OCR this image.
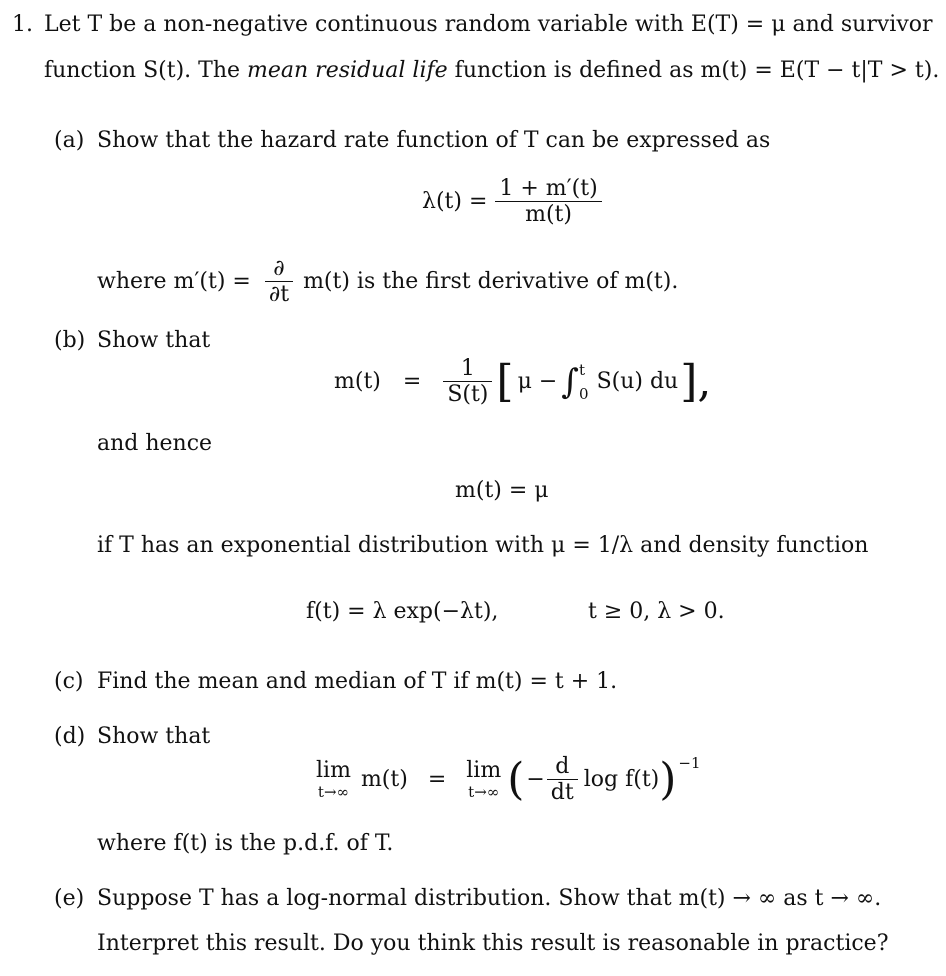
1. Let T be a non-negative continuous random variable with E(T) = μ and survivor
function S(t). The mean residual life function is defined as m(t) = E(T − t|T > t).
(a) Show that the hazard rate function of T can be expressed as
$\lambda(t) = \frac{1 + m'(t)}{m(t)}$
where $m'(t) = \frac{\partial}{\partial t} m(t)$ is the first derivative of m(t).
(b) Show that
$m(t) = \frac{1}{S(t)}$ [ μ − ∫ t
0 S(u) du ],
and hence
m(t) = μ
if T has an exponential distribution with μ = 1/λ and density function
f(t) = λ exp(−λt),	t ≥ 0, λ > 0.
(c) Find the mean and median of T if m(t) = t + 1.
(d) Show that
lim
t→∞ m(t) = lim
t→∞ ( − $\frac{d}{dt}$ log f(t) ) −1
where f(t) is the p.d.f. of T.
(e) Suppose T has a log-normal distribution. Show that m(t) → ∞ as t → ∞.
Interpret this result. Do you think this result is reasonable in practice?
